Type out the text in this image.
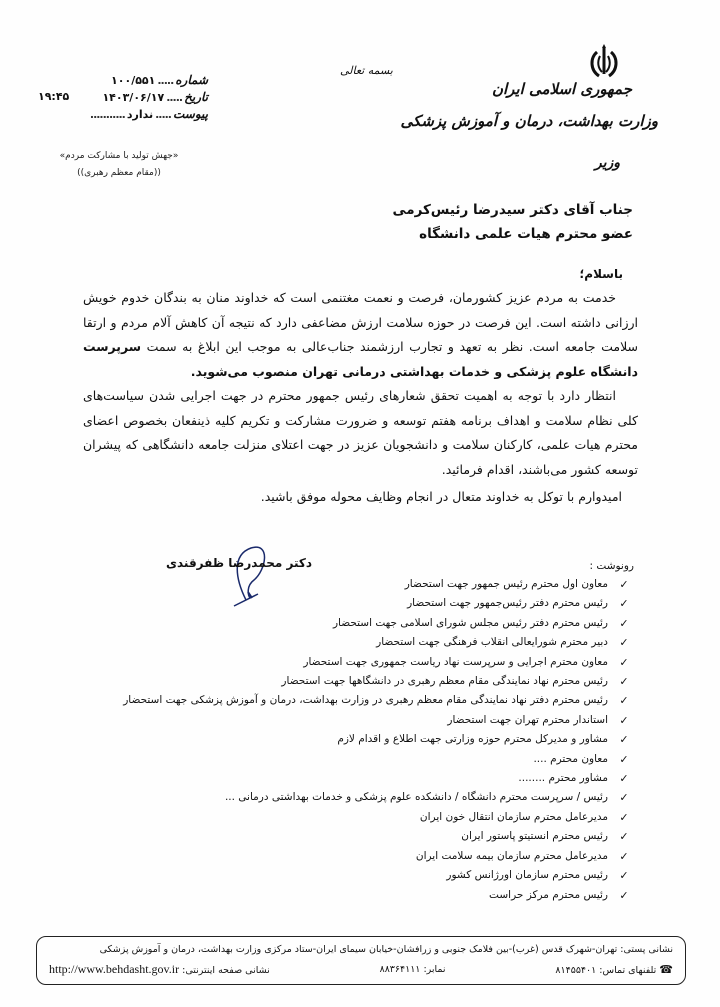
جمهوری اسلامی ایران
وزارت بهداشت، درمان و آموزش پزشکی
وزیر
بسمه تعالی
شماره
.....
۱۰۰/۵۵۱
تاریخ
.....
۱۴۰۳/۰۶/۱۷
پیوست
.....
ندارد
...........
۱۹:۴۵
«جهش تولید با مشارکت مردم»
((مقام معظم رهبری))
جناب آقای دکتر سیدرضا رئیس‌کرمی
عضو محترم هیات علمی دانشگاه
باسلام؛

خدمت به مردم عزیز کشورمان، فرصت و نعمت مغتنمی است که خداوند منان به بندگان خدوم خویش ارزانی داشته است. این فرصت در حوزه سلامت ارزش مضاعفی دارد که نتیجه آن کاهش آلام مردم و ارتقا سلامت جامعه است. نظر به تعهد و تجارب ارزشمند جناب‌عالی به موجب این ابلاغ به سمت سرپرست دانشگاه علوم پزشکی و خدمات بهداشتی درمانی تهران منصوب می‌شوید.

انتظار دارد با توجه به اهمیت تحقق شعارهای رئیس جمهور محترم در جهت اجرایی شدن سیاست‌های کلی نظام سلامت و اهداف برنامه هفتم توسعه و ضرورت مشارکت و تکریم کلیه ذینفعان بخصوص اعضای محترم هیات علمی، کارکنان سلامت و دانشجویان عزیز در جهت اعتلای منزلت جامعه دانشگاهی که پیشران توسعه کشور می‌باشند، اقدام فرمائید.

امیدوارم با توکل به خداوند متعال در انجام وظایف محوله موفق باشید.
دکتر محمدرضا ظفرقندی	رونوشت :
✓
معاون اول محترم رئیس جمهور جهت استحضار
✓
رئیس محترم دفتر رئیس‌جمهور جهت استحضار
✓
رئیس محترم دفتر رئیس مجلس شورای اسلامی جهت استحضار
✓
دبیر محترم شورایعالی انقلاب فرهنگی جهت استحضار
✓
معاون محترم اجرایی و سرپرست نهاد ریاست جمهوری جهت استحضار
✓
رئیس محترم نهاد نمایندگی مقام معظم رهبری در دانشگاهها جهت استحضار
✓
رئیس محترم دفتر نهاد نمایندگی مقام معظم رهبری در وزارت بهداشت، درمان و آموزش پزشکی جهت استحضار
✓
استاندار محترم تهران جهت استحضار
✓
مشاور و مدیرکل محترم حوزه وزارتی جهت اطلاع و اقدام لازم
✓
معاون محترم ....
✓
مشاور محترم ........
✓
رئیس / سرپرست محترم دانشگاه / دانشکده علوم پزشکی و خدمات بهداشتی درمانی ...
✓
مدیرعامل محترم سازمان انتقال خون ایران
✓
رئیس محترم انستیتو پاستور ایران
✓
مدیرعامل محترم سازمان بیمه سلامت ایران
✓
رئیس محترم سازمان اورژانس کشور
✓
رئیس محترم مرکز حراست
نشانی پستی: تهران-شهرک قدس (غرب)-بین فلامک جنوبی و زرافشان-خیابان سیمای ایران-ستاد مرکزی وزارت بهداشت، درمان و آموزش پزشکی
☎تلفنهای تماس: ۸۱۴۵۵۴۰۱
نمابر: ۸۸۳۶۴۱۱۱
نشانی صفحه اینترنتی: http://www.behdasht.gov.ir
